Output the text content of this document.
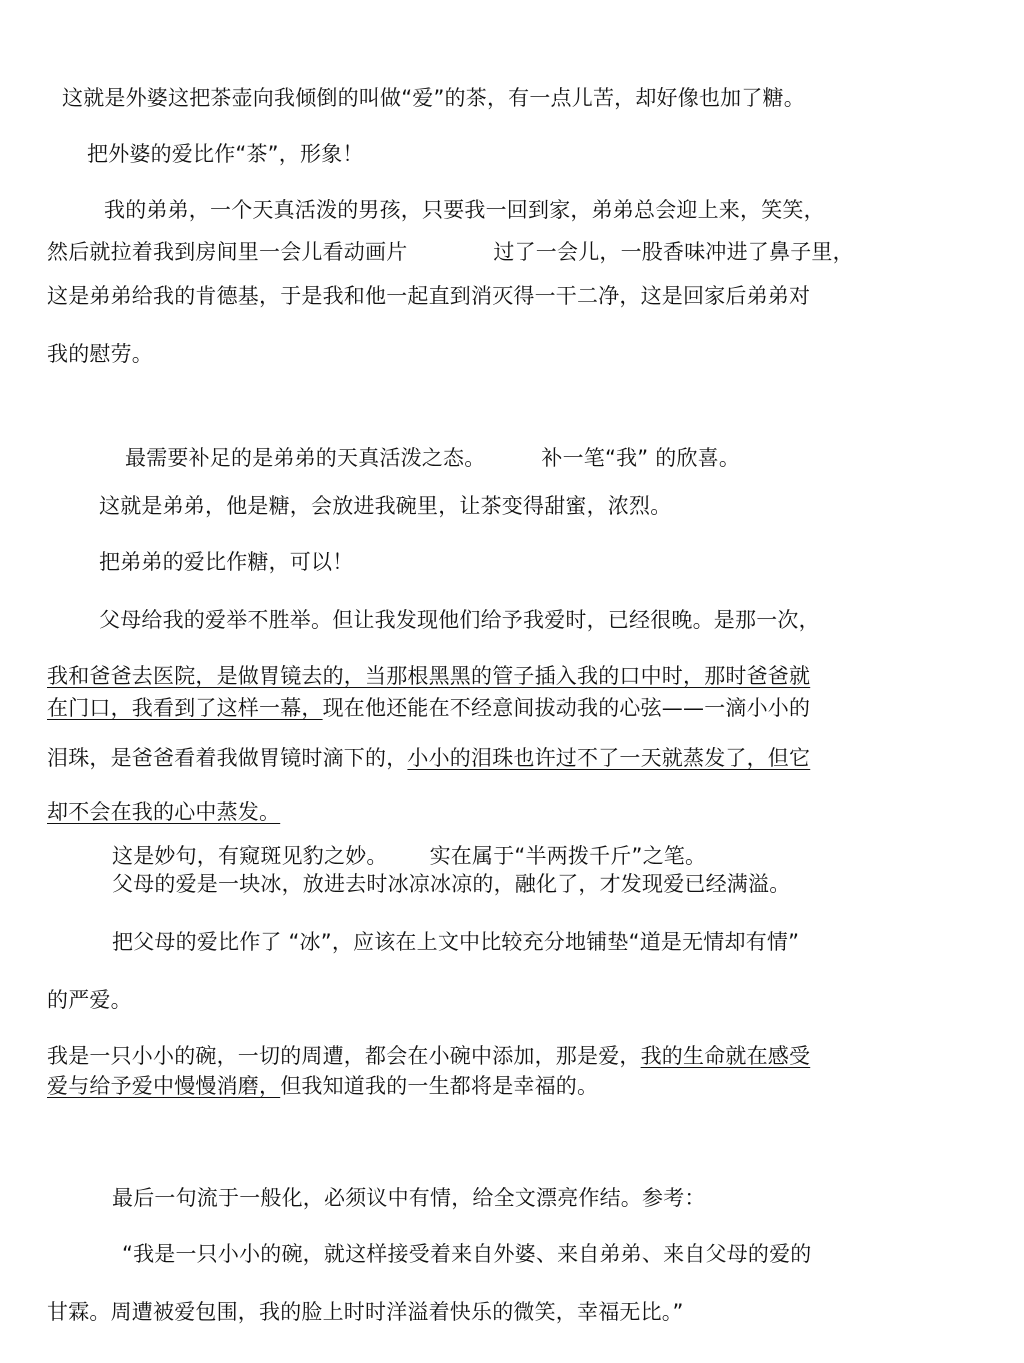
这就是外婆这把茶壶向我倾倒的叫做“爱”的茶，有一点儿苦，却好像也加了糖。
把外婆的爱比作“茶”，形象！
我的弟弟，一个天真活泼的男孩，只要我一回到家，弟弟总会迎上来，笑笑，
然后就拉着我到房间里一会儿看动画片	过了一会儿，一股香味冲进了鼻子里，
这是弟弟给我的肯德基，于是我和他一起直到消灭得一干二净，这是回家后弟弟对
我的慰劳。
最需要补足的是弟弟的天真活泼之态。	补一笔“我” 的欣喜。
这就是弟弟，他是糖，会放进我碗里，让茶变得甜蜜，浓烈。
把弟弟的爱比作糖，可以！
父母给我的爱举不胜举。但让我发现他们给予我爱时，已经很晚。是那一次，
我和爸爸去医院，是做胃镜去的，当那根黑黑的管子插入我的口中时，那时爸爸就
在门口，我看到了这样一幕，现在他还能在不经意间拔动我的心弦——一滴小小的
泪珠，是爸爸看着我做胃镜时滴下的，小小的泪珠也许过不了一天就蒸发了，但它
却不会在我的心中蒸发。
这是妙句，有窥斑见豹之妙。 实在属于“半两拨千斤”之笔。
父母的爱是一块冰，放进去时冰凉冰凉的，融化了，才发现爱已经满溢。
把父母的爱比作了 “冰”，应该在上文中比较充分地铺垫“道是无情却有情”
的严爱。
我是一只小小的碗，一切的周遭，都会在小碗中添加，那是爱，我的生命就在感受
爱与给予爱中慢慢消磨，但我知道我的一生都将是幸福的。
最后一句流于一般化，必须议中有情，给全文漂亮作结。参考：
“我是一只小小的碗，就这样接受着来自外婆、来自弟弟、来自父母的爱的
甘霖。周遭被爱包围，我的脸上时时洋溢着快乐的微笑，幸福无比。”
